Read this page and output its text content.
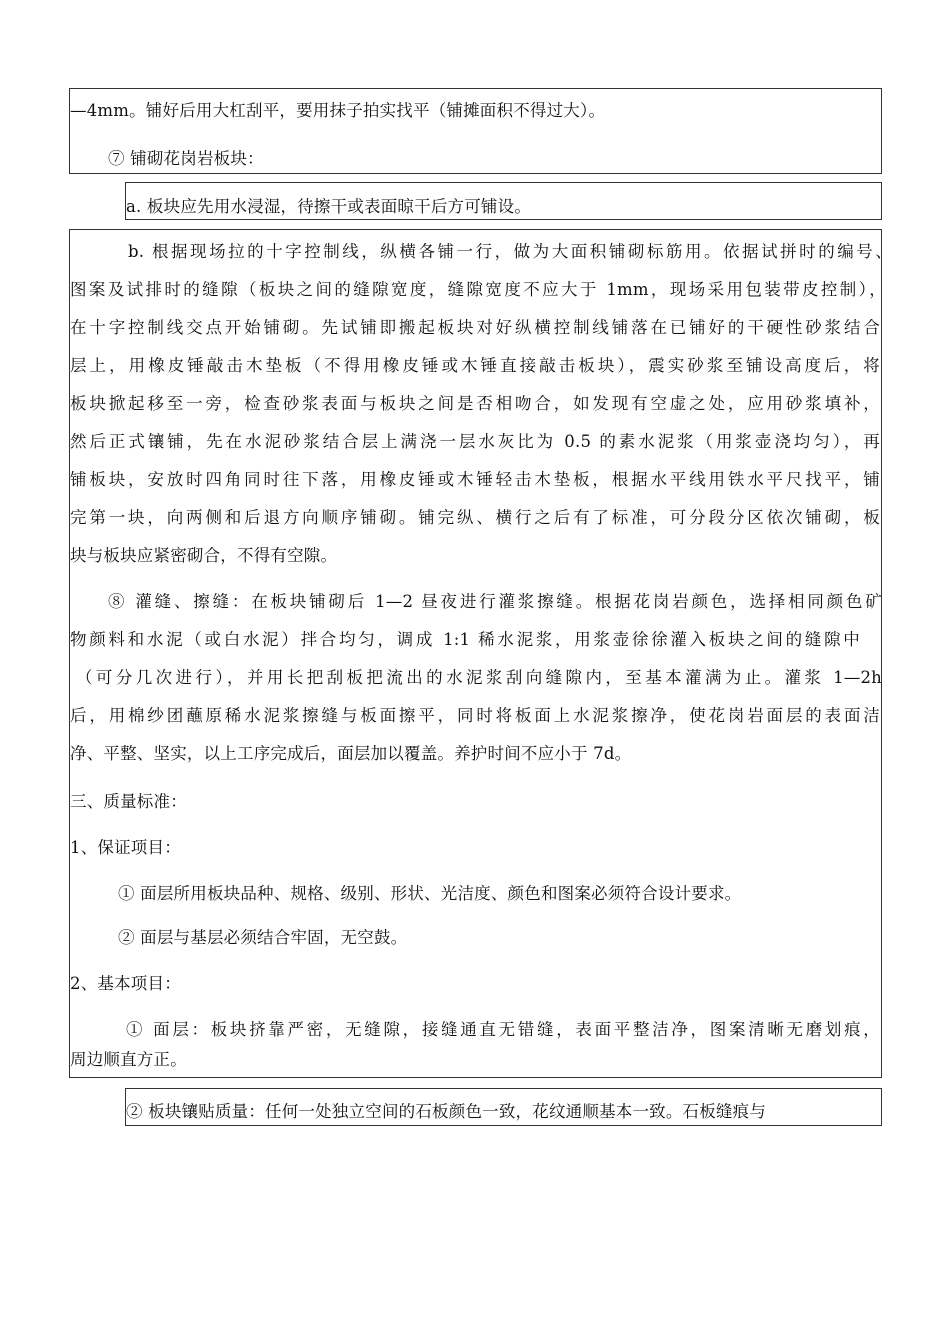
—4mm。铺好后用大杠刮平，要用抹子拍实找平（铺摊面积不得过大）。
⑦ 铺砌花岗岩板块：
a. 板块应先用水浸湿，待擦干或表面晾干后方可铺设。
b. 根据现场拉的十字控制线，纵横各铺一行，做为大面积铺砌标筋用。依据试拼时的编号、
图案及试排时的缝隙（板块之间的缝隙宽度，缝隙宽度不应大于 1mm，现场采用包装带皮控制），
在十字控制线交点开始铺砌。先试铺即搬起板块对好纵横控制线铺落在已铺好的干硬性砂浆结合
层上，用橡皮锤敲击木垫板（不得用橡皮锤或木锤直接敲击板块），震实砂浆至铺设高度后，将
板块掀起移至一旁，检查砂浆表面与板块之间是否相吻合，如发现有空虚之处，应用砂浆填补，
然后正式镶铺，先在水泥砂浆结合层上满浇一层水灰比为 0.5 的素水泥浆（用浆壶浇均匀），再
铺板块，安放时四角同时往下落，用橡皮锤或木锤轻击木垫板，根据水平线用铁水平尺找平，铺
完第一块，向两侧和后退方向顺序铺砌。铺完纵、横行之后有了标准，可分段分区依次铺砌，板
块与板块应紧密砌合，不得有空隙。
⑧ 灌缝、擦缝：在板块铺砌后 1—2 昼夜进行灌浆擦缝。根据花岗岩颜色，选择相同颜色矿
物颜料和水泥（或白水泥）拌合均匀，调成 1:1 稀水泥浆，用浆壶徐徐灌入板块之间的缝隙中
（可分几次进行），并用长把刮板把流出的水泥浆刮向缝隙内，至基本灌满为止。灌浆 1—2h
后，用棉纱团蘸原稀水泥浆擦缝与板面擦平，同时将板面上水泥浆擦净，使花岗岩面层的表面洁
净、平整、坚实，以上工序完成后，面层加以覆盖。养护时间不应小于 7d。
三、质量标准：
1、保证项目：
① 面层所用板块品种、规格、级别、形状、光洁度、颜色和图案必须符合设计要求。
② 面层与基层必须结合牢固，无空鼓。
2、基本项目：
① 面层：板块挤靠严密，无缝隙，接缝通直无错缝，表面平整洁净，图案清晰无磨划痕，
周边顺直方正。
② 板块镶贴质量：任何一处独立空间的石板颜色一致，花纹通顺基本一致。石板缝痕与
